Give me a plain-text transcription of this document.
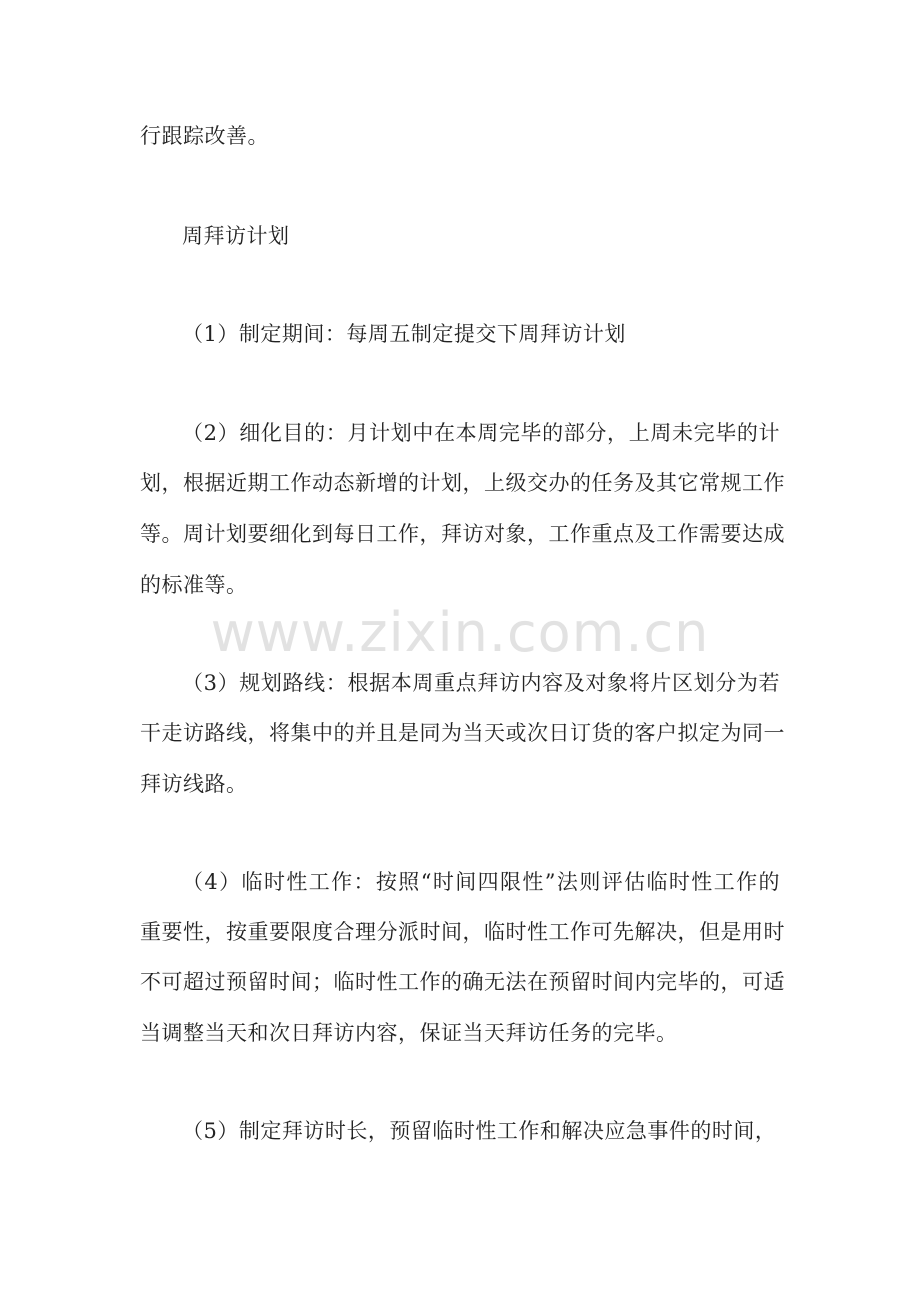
www.zixin.com.cn
行跟踪改善。
周拜访计划
（1）制定期间：每周五制定提交下周拜访计划
（2）细化目的：月计划中在本周完毕的部分，上周未完毕的计
划，根据近期工作动态新增的计划，上级交办的任务及其它常规工作
等。周计划要细化到每日工作，拜访对象，工作重点及工作需要达成
的标准等。
（3）规划路线：根据本周重点拜访内容及对象将片区划分为若
干走访路线，将集中的并且是同为当天或次日订货的客户拟定为同一
拜访线路。
（4）临时性工作：按照“时间四限性”法则评估临时性工作的
重要性，按重要限度合理分派时间，临时性工作可先解决，但是用时
不可超过预留时间；临时性工作的确无法在预留时间内完毕的，可适
当调整当天和次日拜访内容，保证当天拜访任务的完毕。
（5）制定拜访时长，预留临时性工作和解决应急事件的时间，
